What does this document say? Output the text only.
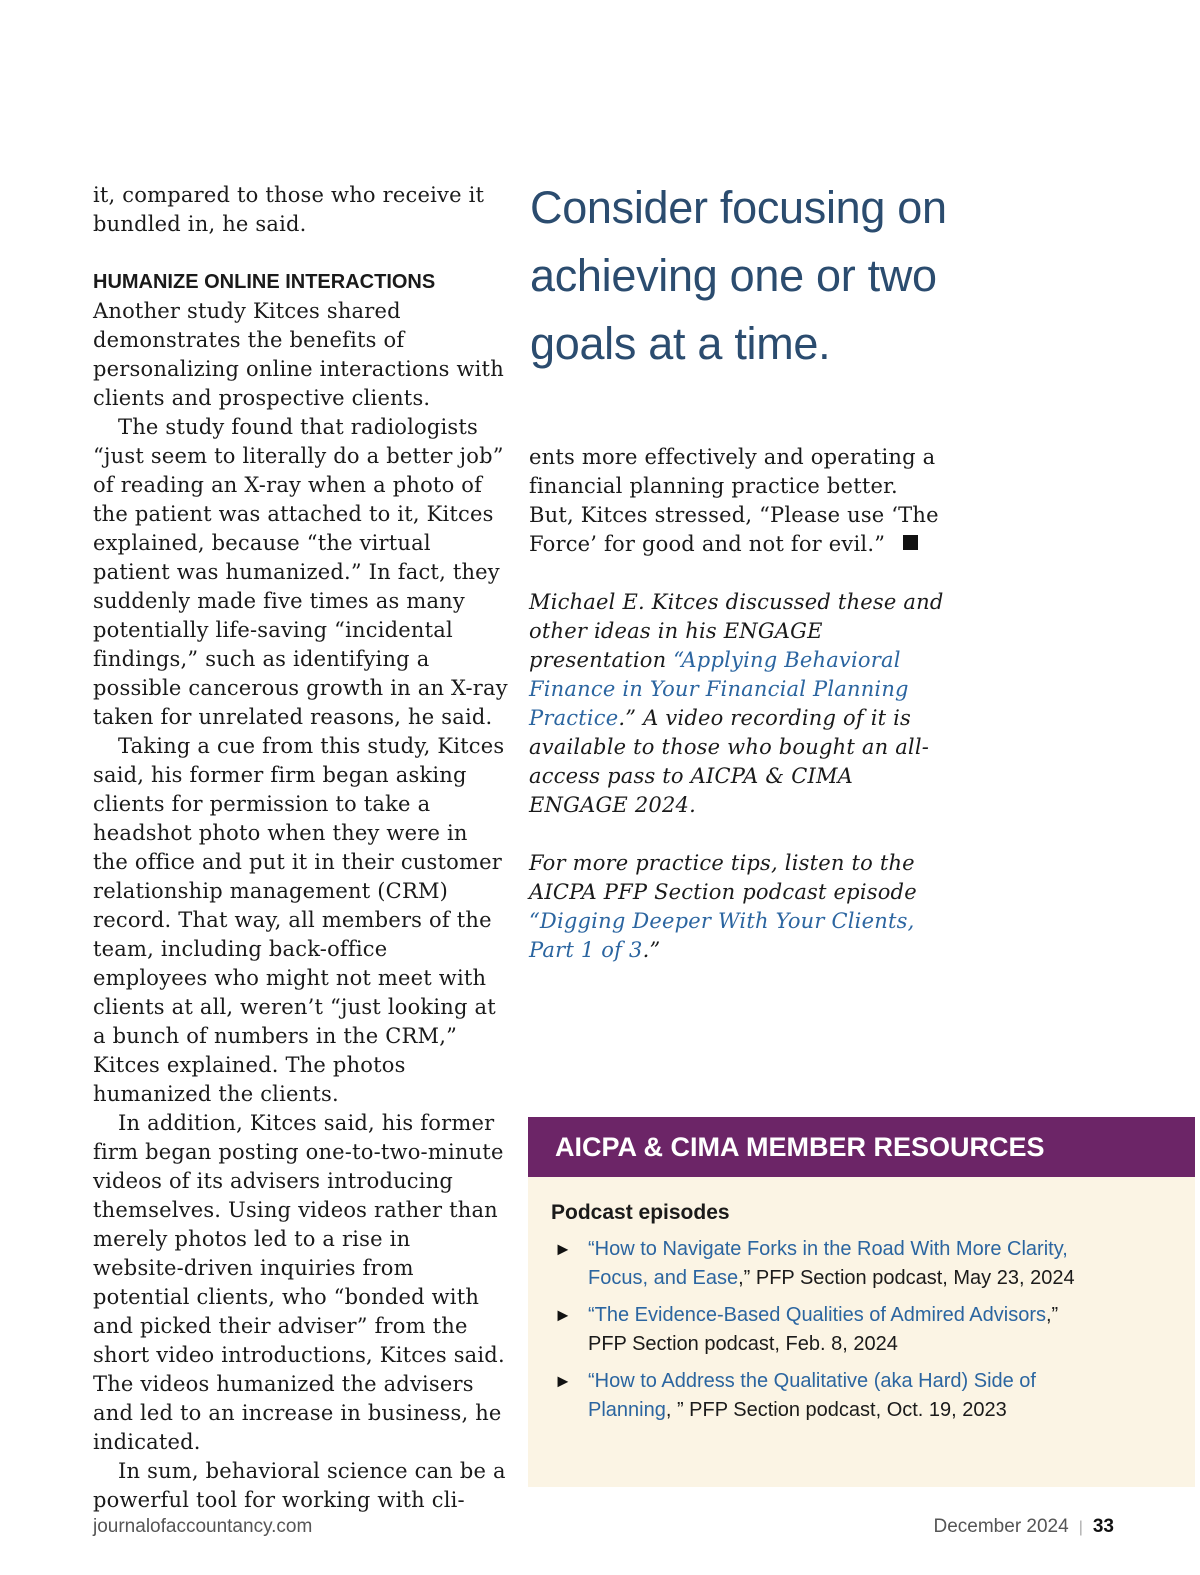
it, compared to those who receive it bundled in, he said.

HUMANIZE ONLINE INTERACTIONS

Another study Kitces shared demonstrates the benefits of personalizing online interactions with clients and prospective clients.

The study found that radiologists “just seem to literally do a better job” of reading an X-ray when a photo of the patient was attached to it, Kitces explained, because “the virtual patient was humanized.” In fact, they suddenly made five times as many potentially life-saving “incidental findings,” such as identifying a possible cancerous growth in an X-ray taken for unrelated reasons, he said.

Taking a cue from this study, Kitces said, his former firm began asking clients for permission to take a headshot photo when they were in the office and put it in their customer relationship management (CRM) record. That way, all members of the team, including back-office employees who might not meet with clients at all, weren’t “just looking at a bunch of numbers in the CRM,” Kitces explained. The photos humanized the clients.

In addition, Kitces said, his former firm began posting one-to-two-minute videos of its advisers introducing themselves. Using videos rather than merely photos led to a rise in website-driven inquiries from potential clients, who “bonded with and picked their adviser” from the short video introductions, Kitces said. The videos humanized the advisers and led to an increase in business, he indicated.

In sum, behavioral science can be a powerful tool for working with cli-

Consider focusing on achieving one or two goals at a time.

ents more effectively and operating a financial planning practice better. But, Kitces stressed, “Please use ‘The Force’ for good and not for evil.”

Michael E. Kitces discussed these and other ideas in his ENGAGE presentation “Applying Behavioral Finance in Your Financial Planning Practice.” A video recording of it is available to those who bought an all-access pass to AICPA & CIMA ENGAGE 2024.

For more practice tips, listen to the AICPA PFP Section podcast episode “Digging Deeper With Your Clients, Part 1 of 3.”

AICPA & CIMA MEMBER RESOURCES
Podcast episodes
► “How to Navigate Forks in the Road With More Clarity, Focus, and Ease,” PFP Section podcast, May 23, 2024
► “The Evidence-Based Qualities of Admired Advisors,” PFP Section podcast, Feb. 8, 2024
► “How to Address the Qualitative (aka Hard) Side of Planning, ” PFP Section podcast, Oct. 19, 2023
journalofaccountancy.com	December 2024 | 33
